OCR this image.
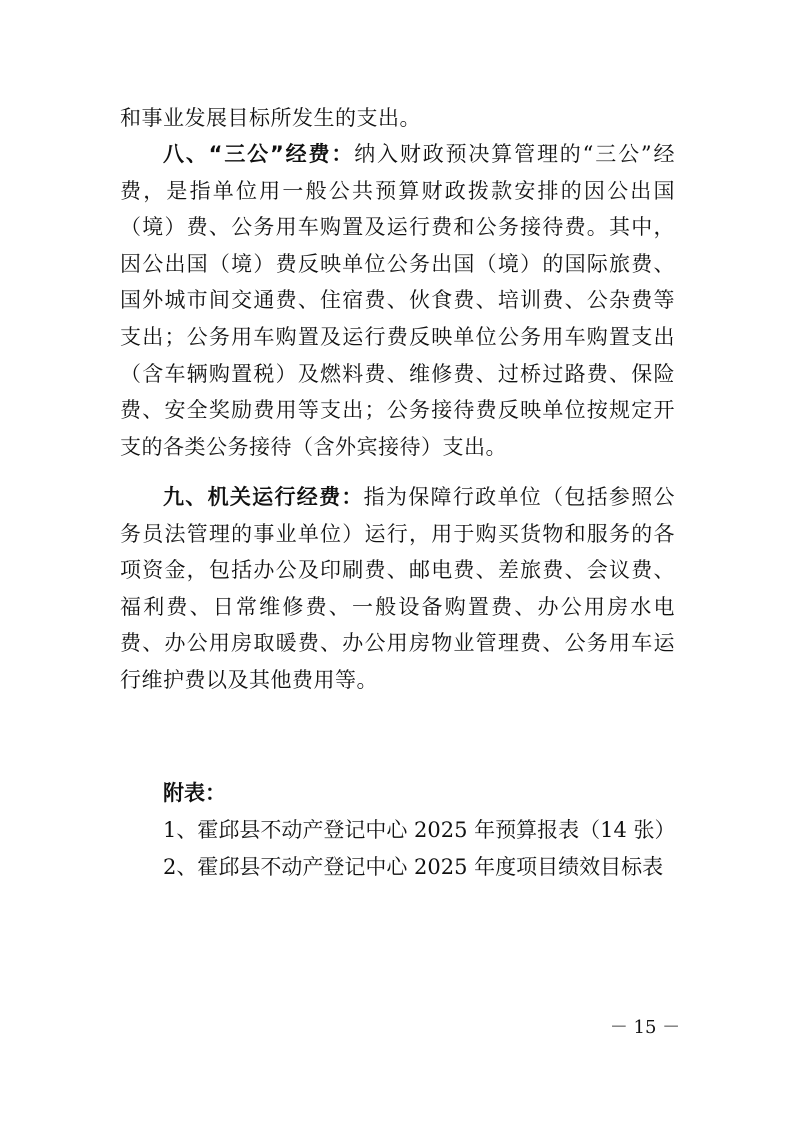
和事业发展目标所发生的支出。

八、“三公”经费：纳入财政预决算管理的“三公”经费，是指单位用一般公共预算财政拨款安排的因公出国（境）费、公务用车购置及运行费和公务接待费。其中，因公出国（境）费反映单位公务出国（境）的国际旅费、国外城市间交通费、住宿费、伙食费、培训费、公杂费等支出；公务用车购置及运行费反映单位公务用车购置支出（含车辆购置税）及燃料费、维修费、过桥过路费、保险费、安全奖励费用等支出；公务接待费反映单位按规定开支的各类公务接待（含外宾接待）支出。

九、机关运行经费：指为保障行政单位（包括参照公务员法管理的事业单位）运行，用于购买货物和服务的各项资金，包括办公及印刷费、邮电费、差旅费、会议费、福利费、日常维修费、一般设备购置费、办公用房水电费、办公用房取暖费、办公用房物业管理费、公务用车运行维护费以及其他费用等。

附表：

1、霍邱县不动产登记中心 2025 年预算报表（14 张）

2、霍邱县不动产登记中心 2025 年度项目绩效目标表

－ 15 －
